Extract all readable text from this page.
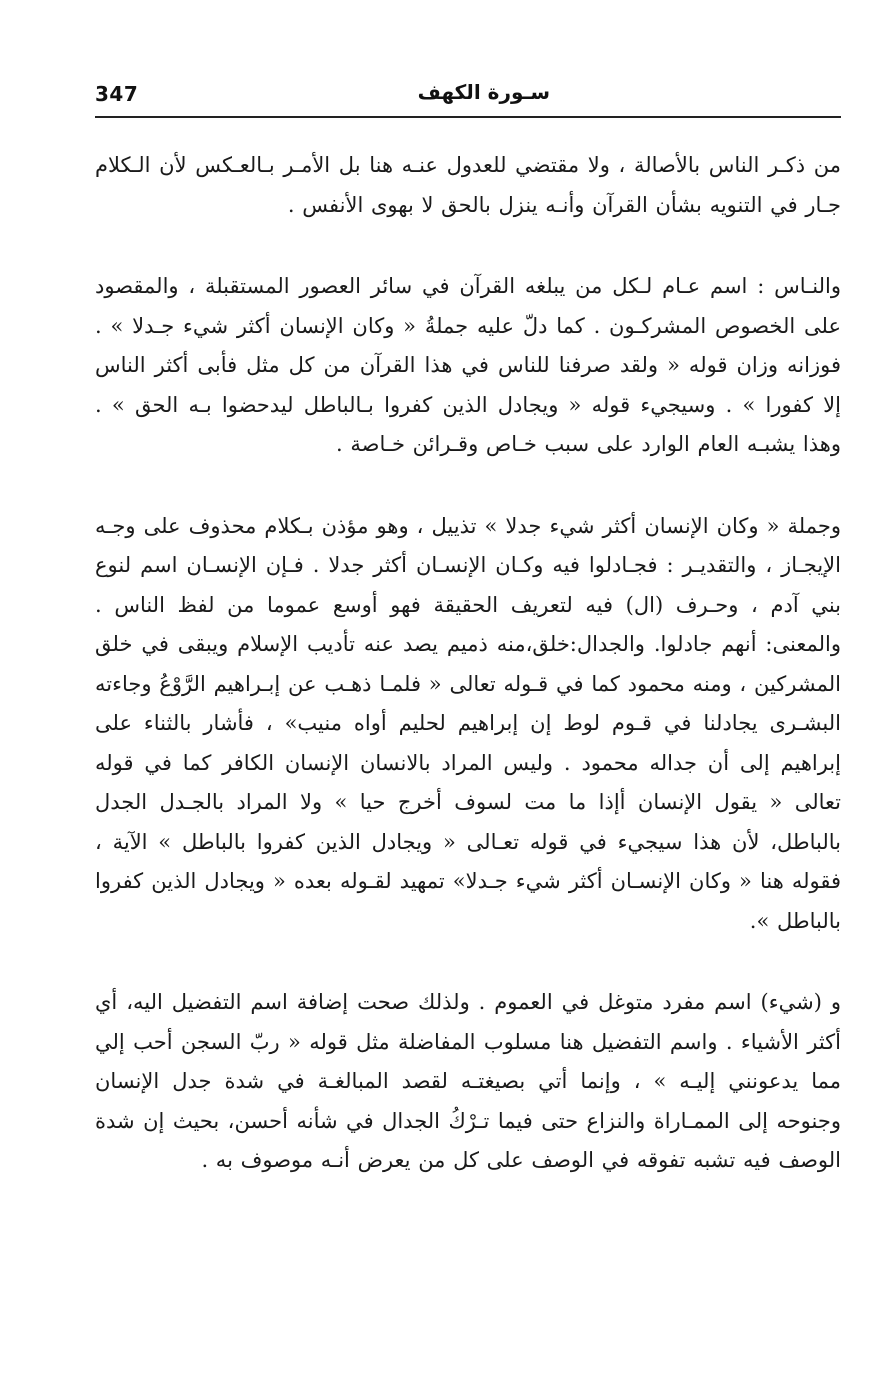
347	سـورة الكهف

من ذكـر الناس بالأصالة ، ولا مقتضي للعدول عنـه هنا بل الأمـر بـالعـكس لأن الـكلام جـار في التنويه بشأن القرآن وأنـه ينزل بالحق لا بهوى الأنفس .

والنـاس : اسم عـام لـكل من يبلغه القرآن في سائر العصور المستقبلة ، والمقصود على الخصوص المشركـون . كما دلّ عليه جملةُ « وكان الإنسان أكثر شيء جـدلا » . فوزانه وزان قوله « ولقد صرفنا للناس في هذا القرآن من كل مثل فأبى أكثر الناس إلا كفورا » . وسيجيء قوله « ويجادل الذين كفروا بـالباطل ليدحضوا بـه الحق » . وهذا يشبـه العام الوارد على سبب خـاص وقـرائن خـاصة .

وجملة « وكان الإنسان أكثر شيء جدلا » تذييل ، وهو مؤذن بـكلام محذوف على وجـه الإيجـاز ، والتقديـر : فجـادلوا فيه وكـان الإنسـان أكثر جدلا . فـإن الإنسـان اسم لنوع بني آدم ، وحـرف (ال) فيه لتعريف الحقيقة فهو أوسع عموما من لفظ الناس . والمعنى: أنهم جادلوا. والجدال:خلق،منه ذميم يصد عنه تأديب الإسلام ويبقى في خلق المشركين ، ومنه محمود كما في قـوله تعالى « فلمـا ذهـب عن إبـراهيم الرَّوْعُ وجاءته البشـرى يجادلنا في قـوم لوط إن إبراهيم لحليم أواه منيب» ، فأشار بالثناء على إبراهيم إلى أن جداله محمود . وليس المراد بالانسان الإنسان الكافر كما في قوله تعالى « يقول الإنسان أإذا ما مت لسوف أخرج حيا » ولا المراد بالجـدل الجدل بالباطل، لأن هذا سيجيء في قوله تعـالى « ويجادل الذين كفروا بالباطل » الآية ، فقوله هنا « وكان الإنسـان أكثر شيء جـدلا» تمهيد لقـوله بعده « ويجادل الذين كفروا بالباطل ».

و (شيء) اسم مفرد متوغل في العموم . ولذلك صحت إضافة اسم التفضيل اليه، أي أكثر الأشياء . واسم التفضيل هنا مسلوب المفاضلة مثل قوله « ربّ السجن أحب إلي مما يدعونني إليـه » ، وإنما أتي بصيغتـه لقصد المبالغـة في شدة جدل الإنسان وجنوحه إلى الممـاراة والنزاع حتى فيما تـرْكُ الجدال في شأنه أحسن، بحيث إن شدة الوصف فيه تشبه تفوقه في الوصف على كل من يعرض أنـه موصوف به .
